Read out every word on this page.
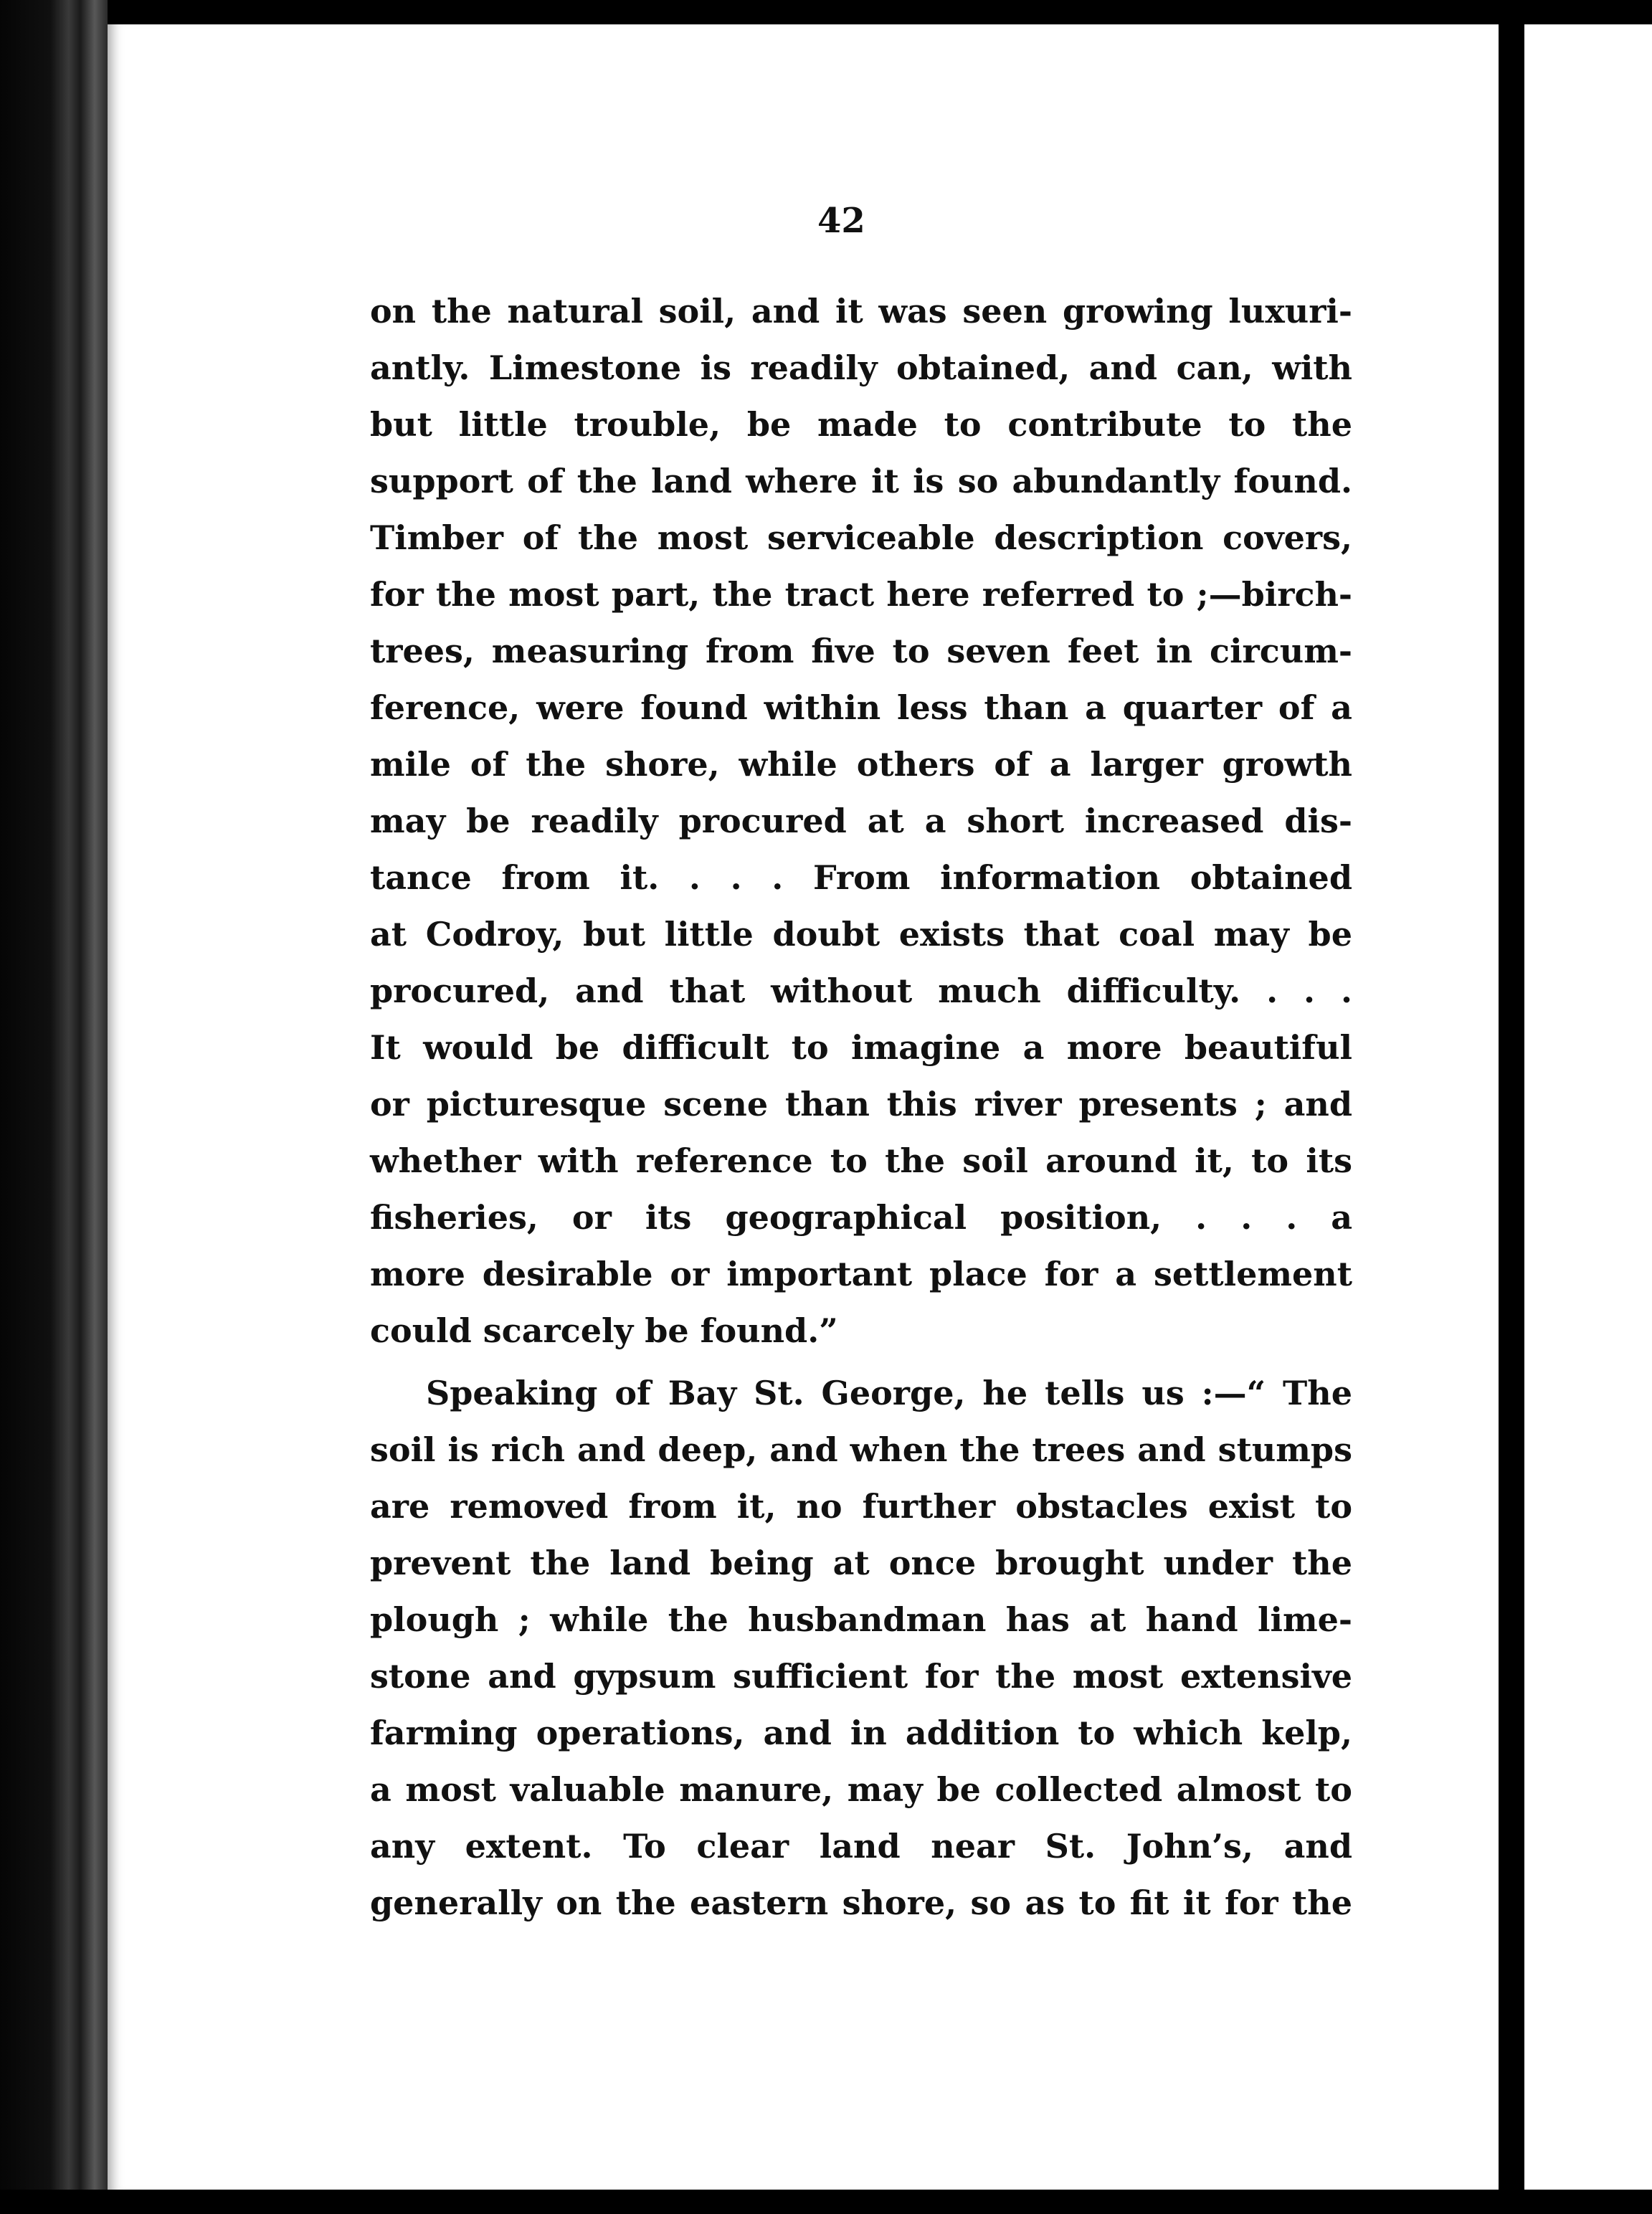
42
on the natural soil, and it was seen growing luxuri-
antly. Limestone is readily obtained, and can, with
but little trouble, be made to contribute to the
support of the land where it is so abundantly found.
Timber of the most serviceable description covers,
for the most part, the tract here referred to ;—birch-
trees, measuring from five to seven feet in circum-
ference, were found within less than a quarter of a
mile of the shore, while others of a larger growth
may be readily procured at a short increased dis-
tance from it. . . . From information obtained
at Codroy, but little doubt exists that coal may be
procured, and that without much difficulty. . . .
It would be difficult to imagine a more beautiful
or picturesque scene than this river presents ; and
whether with reference to the soil around it, to its
fisheries, or its geographical position, . . . a
more desirable or important place for a settlement
could scarcely be found.”
Speaking of Bay St. George, he tells us :—“ The
soil is rich and deep, and when the trees and stumps
are removed from it, no further obstacles exist to
prevent the land being at once brought under the
plough ; while the husbandman has at hand lime-
stone and gypsum sufficient for the most extensive
farming operations, and in addition to which kelp,
a most valuable manure, may be collected almost to
any extent. To clear land near St. John’s, and
generally on the eastern shore, so as to fit it for the
